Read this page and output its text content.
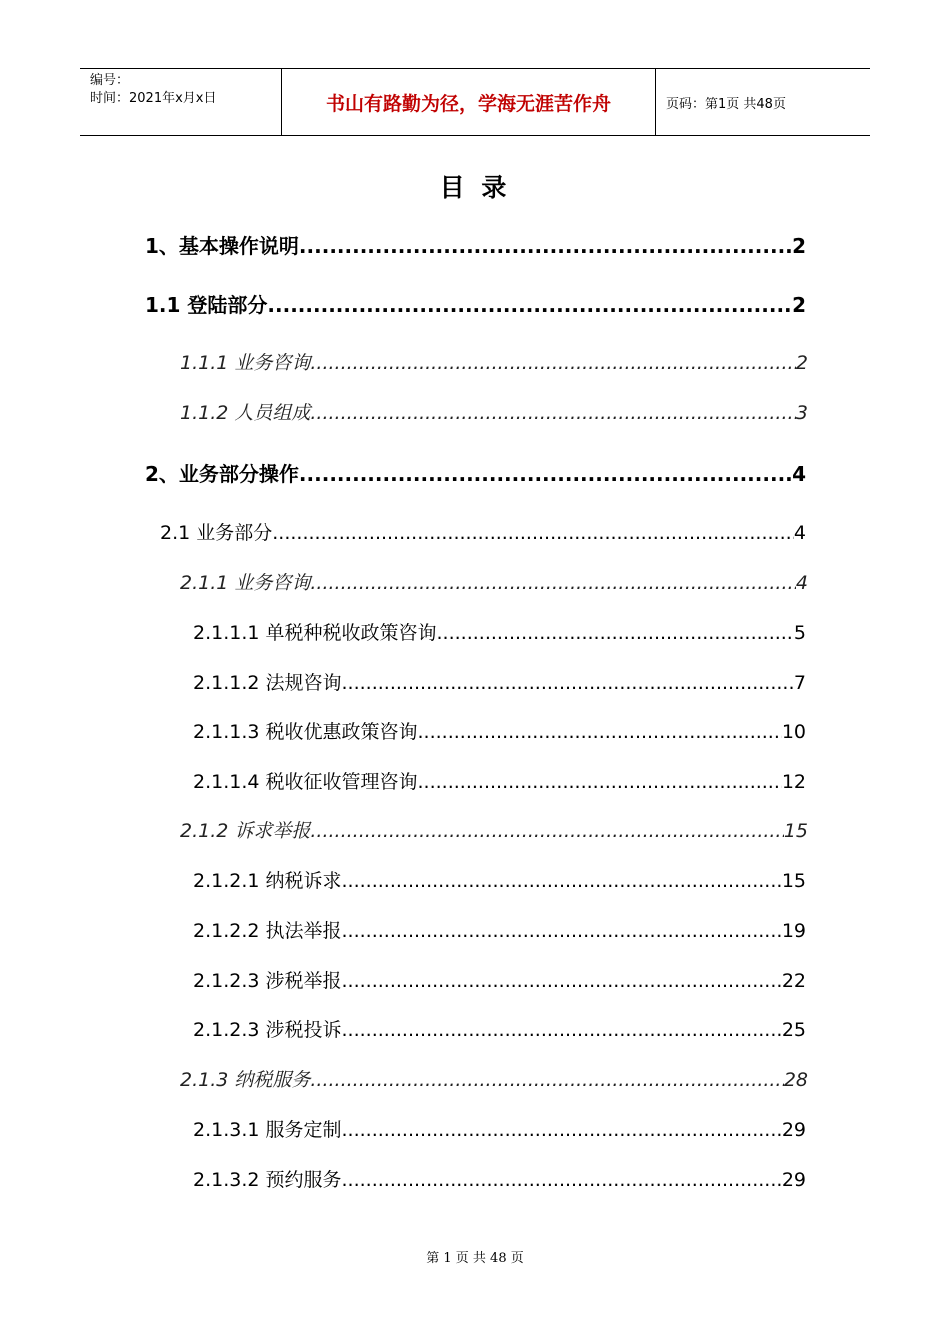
编号：
时间：2021年x月x日	书山有路勤为径，学海无涯苦作舟	页码：第1页 共48页
目 录
1、基本操作说明 .....	2
1.1 登陆部分 .....	2
1.1.1 业务咨询 .....	2
1.1.2 人员组成 .....	3
2、业务部分操作 .....	4
2.1 业务部分 .....	4
2.1.1 业务咨询 .....	4
2.1.1.1 单税种税收政策咨询 .....	5
2.1.1.2 法规咨询 .....	7
2.1.1.3 税收优惠政策咨询 .....	10
2.1.1.4 税收征收管理咨询 .....	12
2.1.2 诉求举报 .....	15
2.1.2.1 纳税诉求 .....	15
2.1.2.2 执法举报 .....	19
2.1.2.3 涉税举报 .....	22
2.1.2.3 涉税投诉 .....	25
2.1.3 纳税服务 .....	28
2.1.3.1 服务定制 .....	29
2.1.3.2 预约服务 .....	29
第 1 页 共 48 页
